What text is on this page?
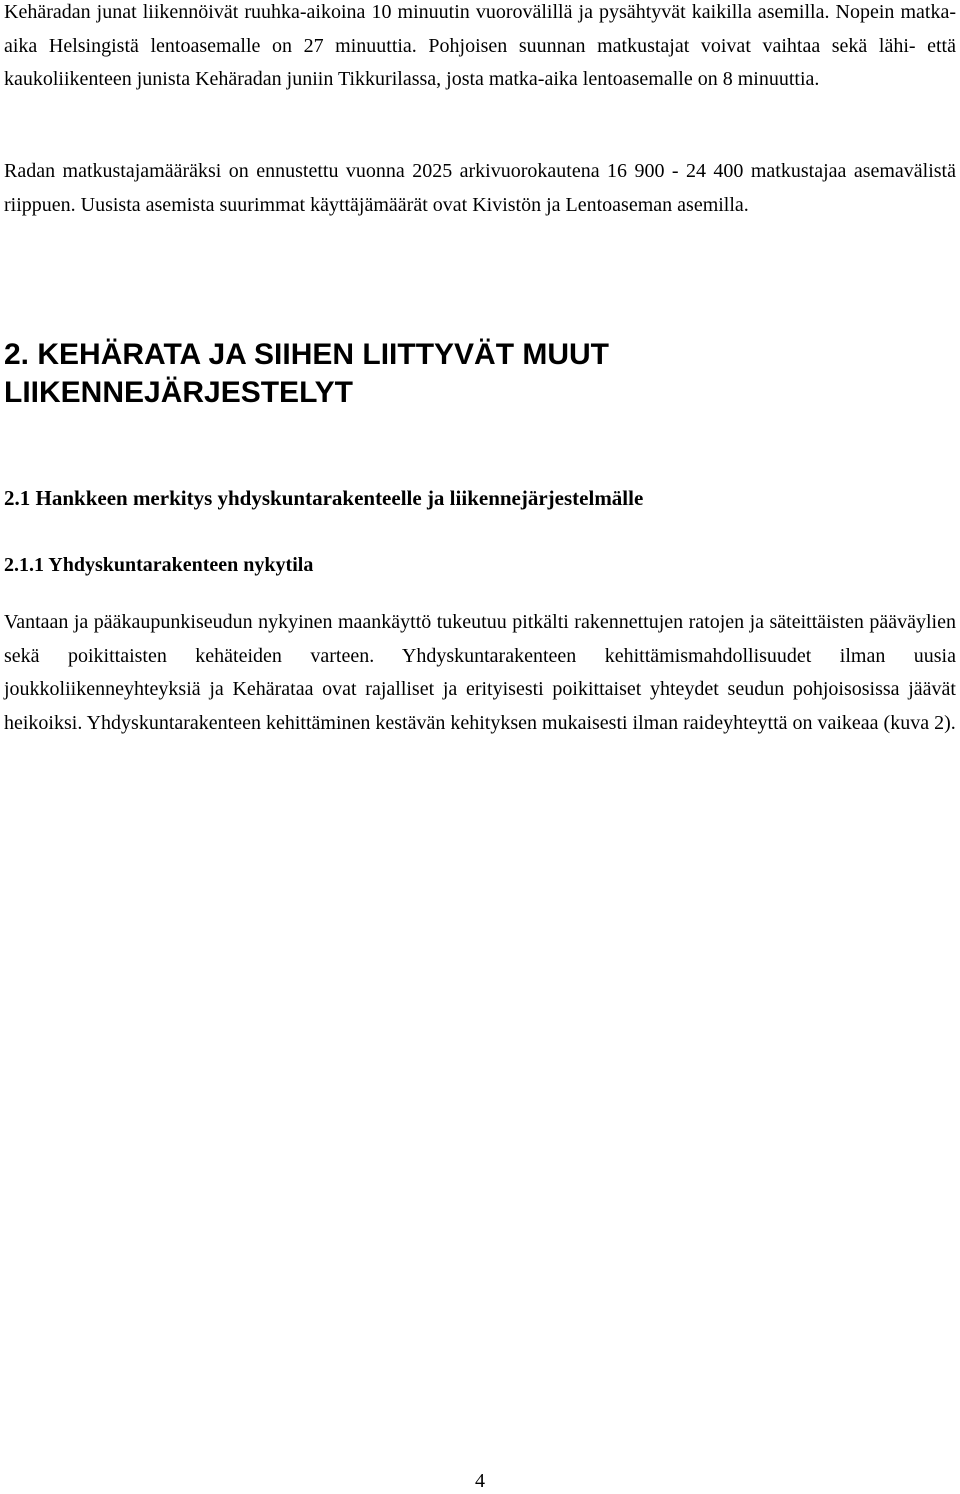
Kehäradan junat liikennöivät ruuhka-aikoina 10 minuutin vuorovälillä ja pysähtyvät kaikilla asemilla. Nopein matka-aika Helsingistä lentoasemalle on 27 minuuttia. Pohjoisen suunnan matkustajat voivat vaihtaa sekä lähi- että kaukoliikenteen junista Kehäradan juniin Tikkurilassa, josta matka-aika lentoasemalle on 8 minuuttia.

Radan matkustajamääräksi on ennustettu vuonna 2025 arkivuorokautena 16 900 - 24 400 matkustajaa asemavälistä riippuen. Uusista asemista suurimmat käyttäjämäärät ovat Kivistön ja Lentoaseman asemilla.

2. KEHÄRATA JA SIIHEN LIITTYVÄT MUUT LIIKENNEJÄRJESTELYT
2.1 Hankkeen merkitys yhdyskuntarakenteelle ja liikennejärjestelmälle
2.1.1 Yhdyskuntarakenteen nykytila

Vantaan ja pääkaupunkiseudun nykyinen maankäyttö tukeutuu pitkälti rakennettujen ratojen ja säteittäisten pääväylien sekä poikittaisten kehäteiden varteen. Yhdyskuntarakenteen kehittämismahdollisuudet ilman uusia joukkoliikenneyhteyksiä ja Kehärataa ovat rajalliset ja erityisesti poikittaiset yhteydet seudun pohjoisosissa jäävät heikoiksi. Yhdyskuntarakenteen kehittäminen kestävän kehityksen mukaisesti ilman raideyhteyttä on vaikeaa (kuva 2).

4
